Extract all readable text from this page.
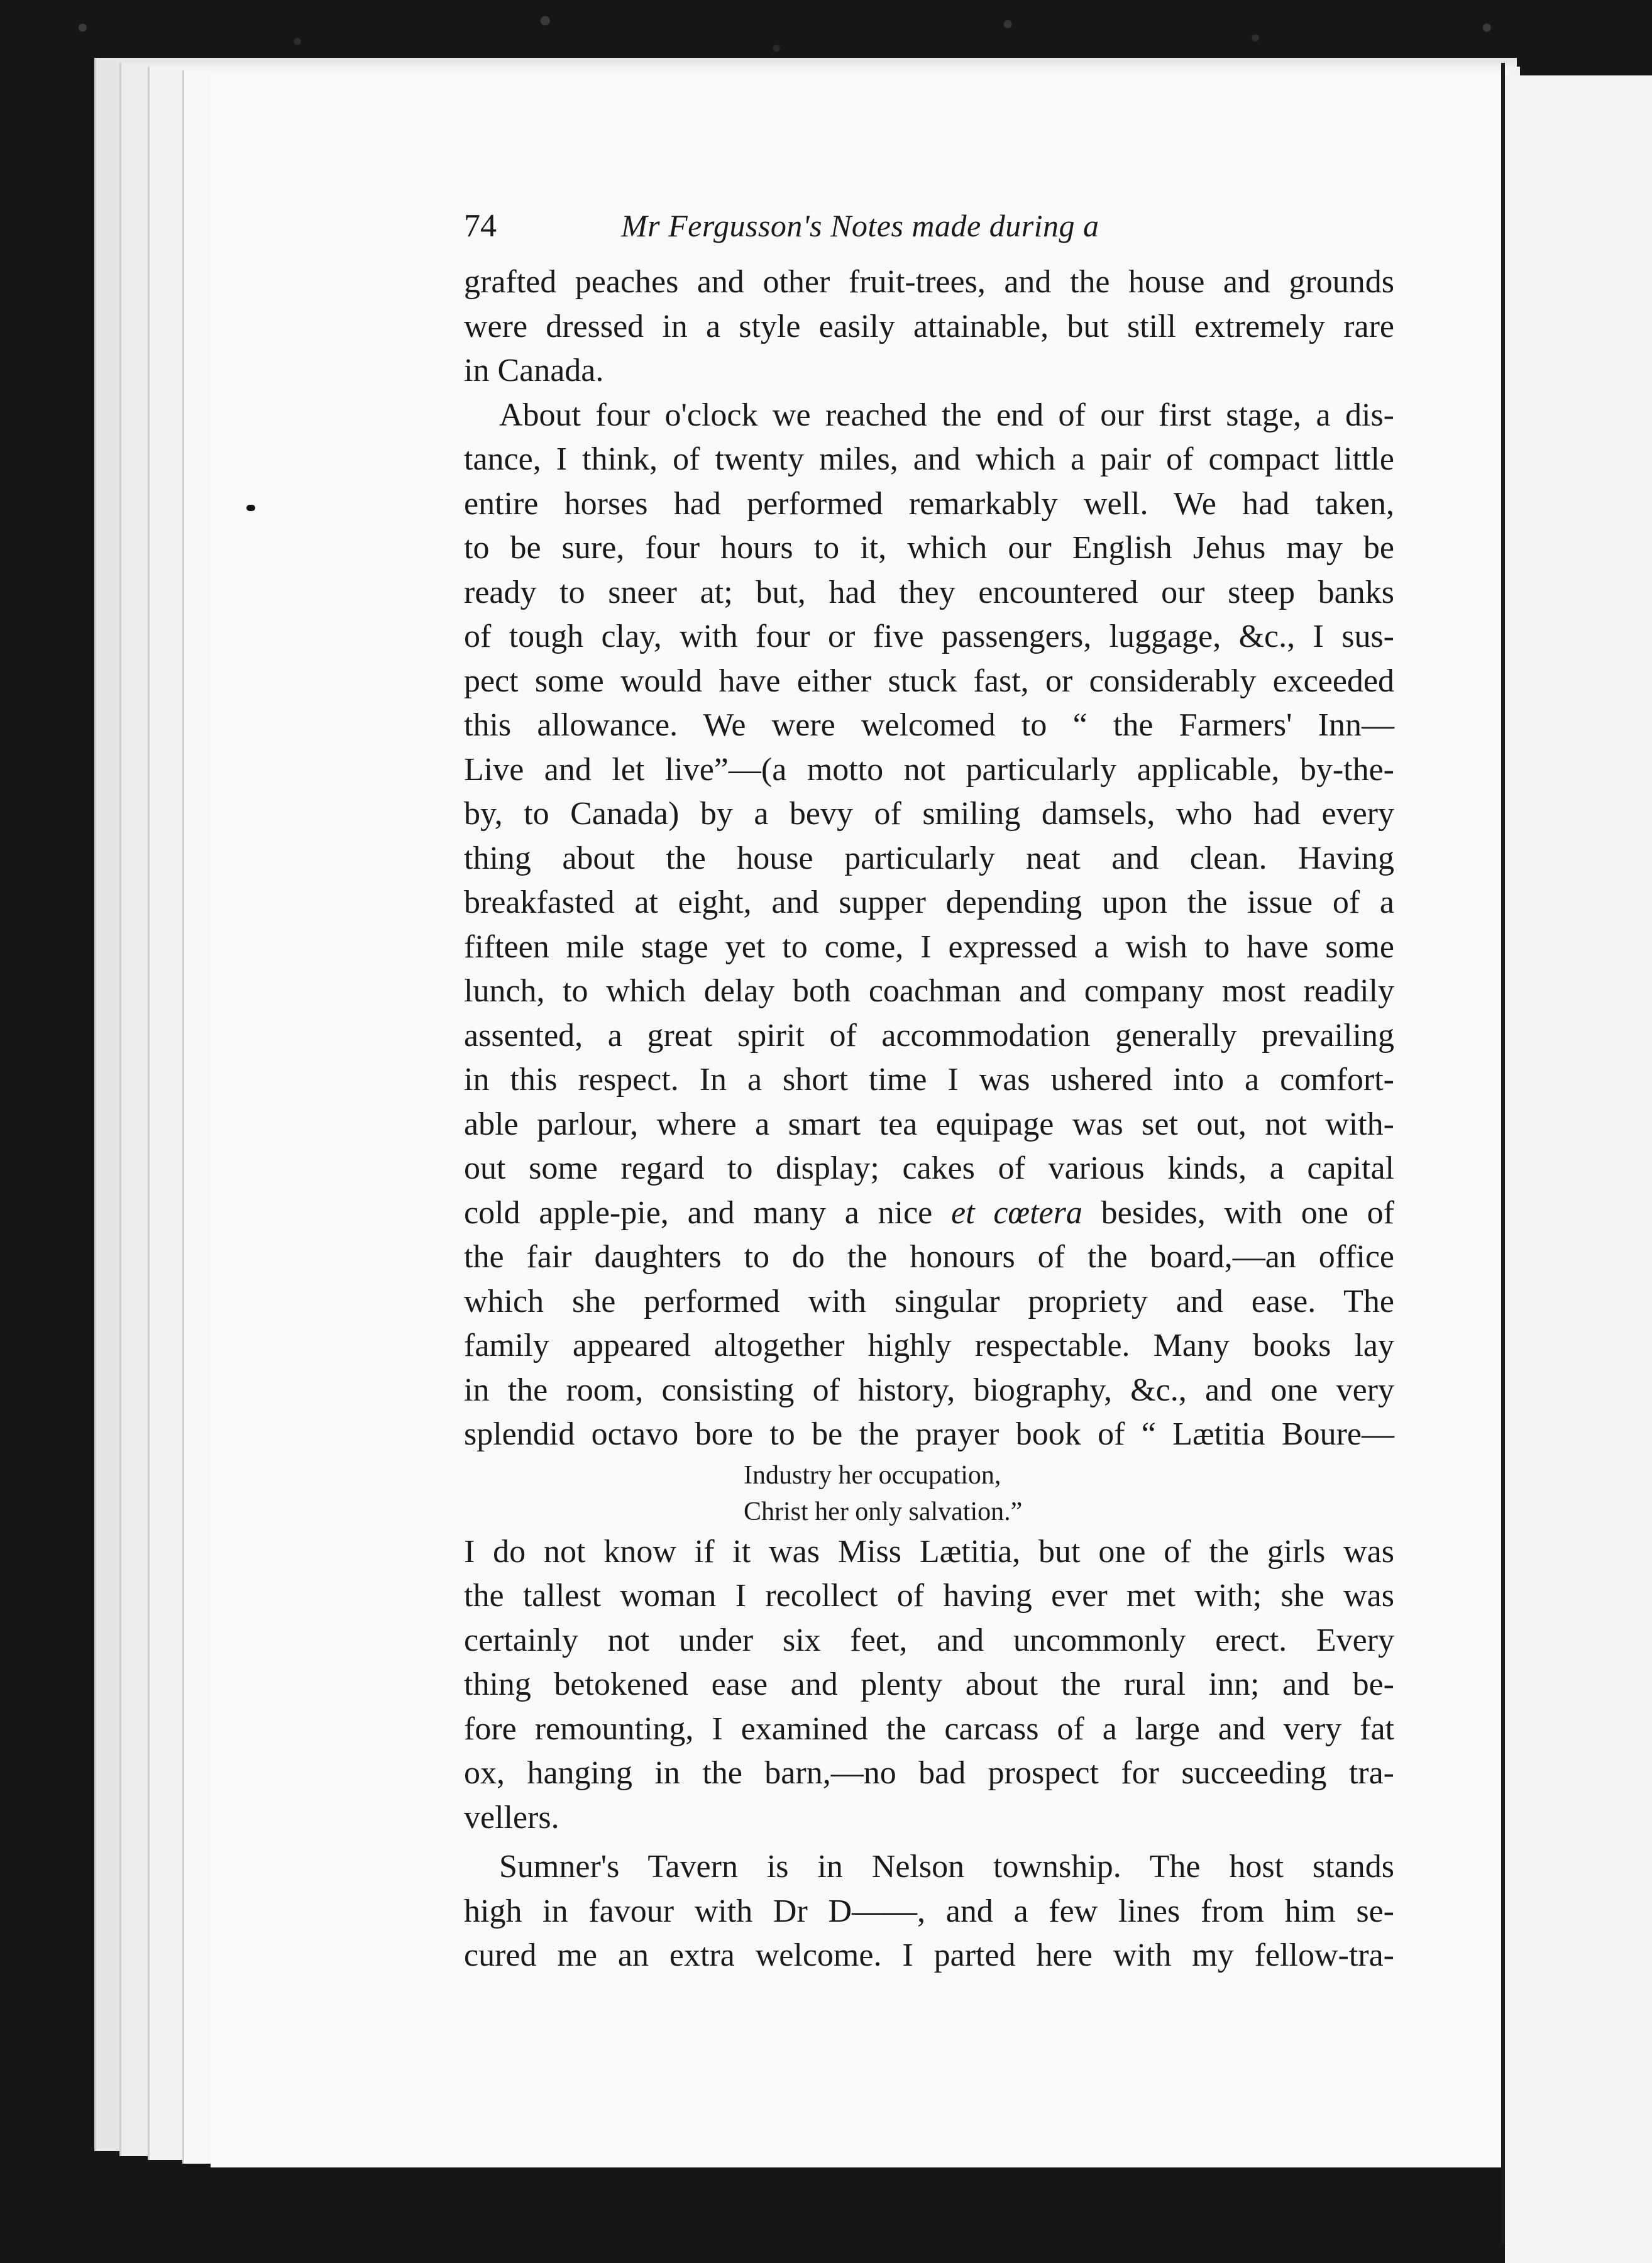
74	Mr Fergusson's Notes made during a

grafted peaches and other fruit-trees, and the house and grounds
were dressed in a style easily attainable, but still extremely rare
in Canada.

About four o'clock we reached the end of our first stage, a dis-
tance, I think, of twenty miles, and which a pair of compact little
entire horses had performed remarkably well. We had taken,
to be sure, four hours to it, which our English Jehus may be
ready to sneer at; but, had they encountered our steep banks
of tough clay, with four or five passengers, luggage, &c., I sus-
pect some would have either stuck fast, or considerably exceeded
this allowance. We were welcomed to “ the Farmers' Inn—
Live and let live”—(a motto not particularly applicable, by-the-
by, to Canada) by a bevy of smiling damsels, who had every
thing about the house particularly neat and clean. Having
breakfasted at eight, and supper depending upon the issue of a
fifteen mile stage yet to come, I expressed a wish to have some
lunch, to which delay both coachman and company most readily
assented, a great spirit of accommodation generally prevailing
in this respect. In a short time I was ushered into a comfort-
able parlour, where a smart tea equipage was set out, not with-
out some regard to display; cakes of various kinds, a capital
cold apple-pie, and many a nice et cœtera besides, with one of
the fair daughters to do the honours of the board,—an office
which she performed with singular propriety and ease. The
family appeared altogether highly respectable. Many books lay
in the room, consisting of history, biography, &c., and one very
splendid octavo bore to be the prayer book of “ Lætitia Boure—

Industry her occupation,
Christ her only salvation.”

I do not know if it was Miss Lætitia, but one of the girls was
the tallest woman I recollect of having ever met with; she was
certainly not under six feet, and uncommonly erect. Every
thing betokened ease and plenty about the rural inn; and be-
fore remounting, I examined the carcass of a large and very fat
ox, hanging in the barn,—no bad prospect for succeeding tra-
vellers.

Sumner's Tavern is in Nelson township. The host stands
high in favour with Dr D——, and a few lines from him se-
cured me an extra welcome. I parted here with my fellow-tra-
